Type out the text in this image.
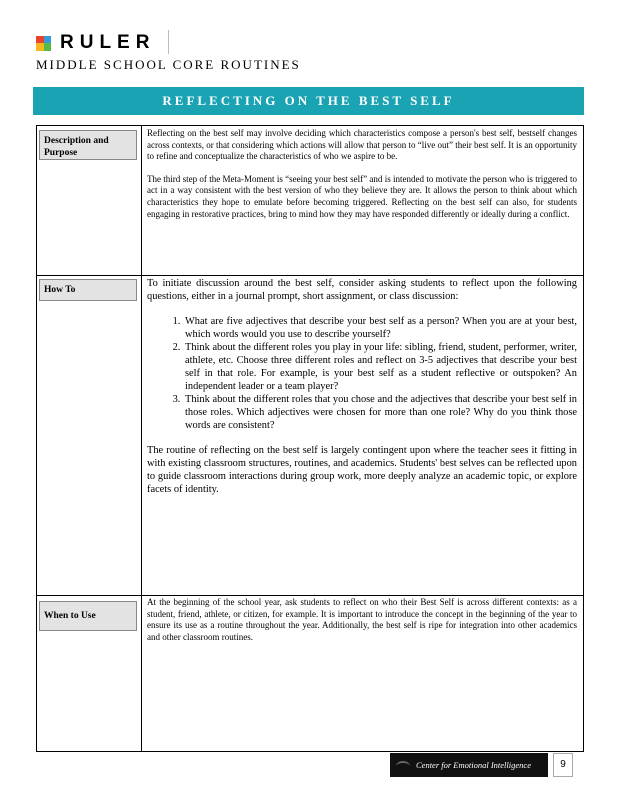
RULER
MIDDLE SCHOOL CORE ROUTINES
REFLECTING ON THE BEST SELF
Description and Purpose

Reflecting on the best self may involve deciding which characteristics compose a person's best self, bestself changes across contexts, or that considering which actions will allow that person to “live out” their best self. It is an opportunity to refine and conceptualize the characteristics of who we aspire to be.

The third step of the Meta-Moment is “seeing your best self” and is intended to motivate the person who is triggered to act in a way consistent with the best version of who they believe they are. It allows the person to think about which characteristics they hope to emulate before becoming triggered. Reflecting on the best self can also, for students engaging in restorative practices, bring to mind how they may have responded differently or ideally during a conflict.

How To

To initiate discussion around the best self, consider asking students to reflect upon the following questions, either in a journal prompt, short assignment, or class discussion:

1. What are five adjectives that describe your best self as a person? When you are at your best, which words would you use to describe yourself?
2. Think about the different roles you play in your life: sibling, friend, student, performer, writer, athlete, etc. Choose three different roles and reflect on 3-5 adjectives that describe your best self in that role. For example, is your best self as a student reflective or outspoken? An independent leader or a team player?
3. Think about the different roles that you chose and the adjectives that describe your best self in those roles. Which adjectives were chosen for more than one role? Why do you think those words are consistent?

The routine of reflecting on the best self is largely contingent upon where the teacher sees it fitting in with existing classroom structures, routines, and academics. Students' best selves can be reflected upon to guide classroom interactions during group work, more deeply analyze an academic topic, or explore facets of identity.

When to Use

At the beginning of the school year, ask students to reflect on who their Best Self is across different contexts: as a student, friend, athlete, or citizen, for example. It is important to introduce the concept in the beginning of the year to ensure its use as a routine throughout the year. Additionally, the best self is ripe for integration into other academics and other classroom routines.

Center for Emotional Intelligence	9
